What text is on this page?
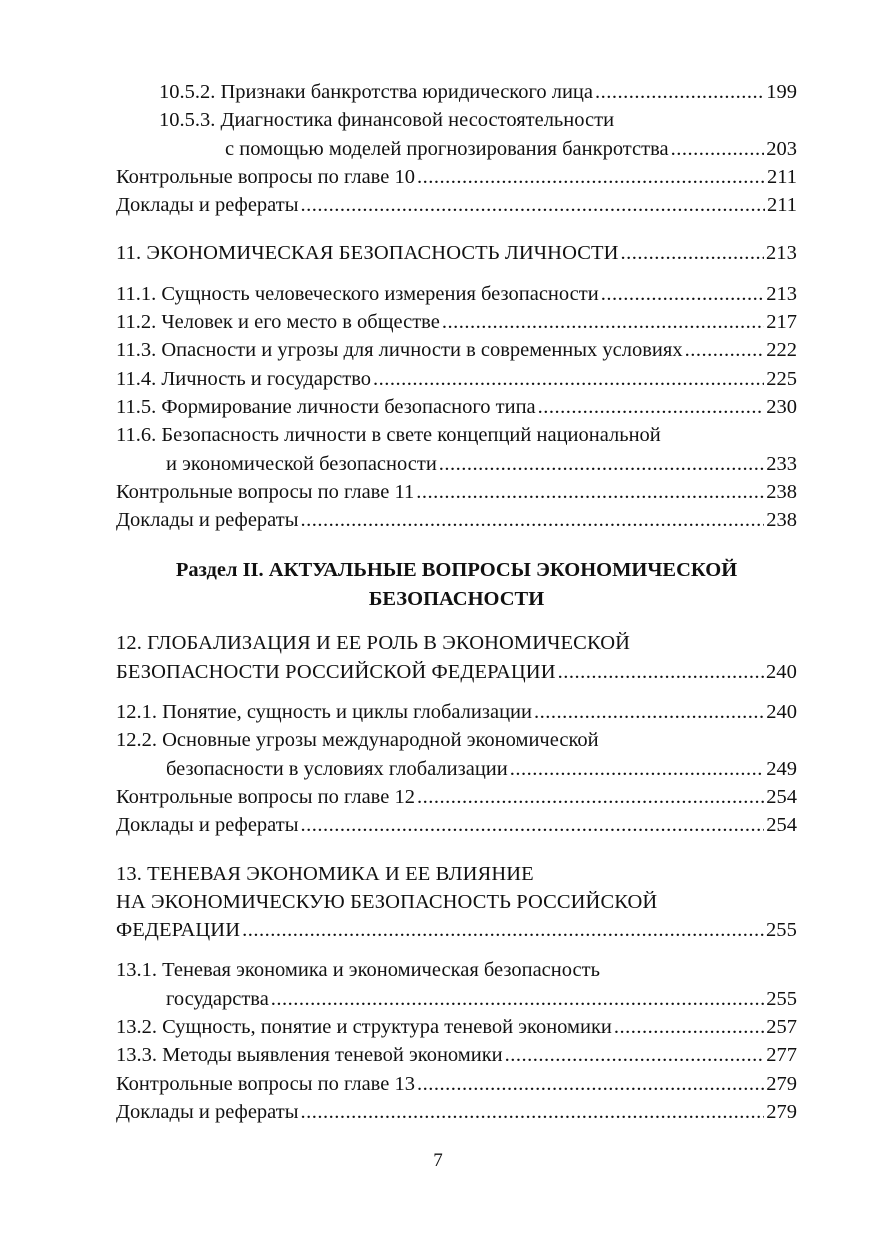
10.5.2. Признаки банкротства юридического лица .....	199
10.5.3. Диагностика финансовой несостоятельности
с помощью моделей прогнозирования банкротства .....	203
Контрольные вопросы по главе 10 .....	211
Доклады и рефераты .....	211
11. ЭКОНОМИЧЕСКАЯ БЕЗОПАСНОСТЬ ЛИЧНОСТИ .....	213
11.1. Сущность человеческого измерения безопасности .....	213
11.2. Человек и его место в обществе .....	217
11.3. Опасности и угрозы для личности в современных условиях .....	222
11.4. Личность и государство .....	225
11.5. Формирование личности безопасного типа .....	230
11.6. Безопасность личности в свете концепций национальной
и экономической безопасности .....	233
Контрольные вопросы по главе 11 .....	238
Доклады и рефераты .....	238
Раздел II. АКТУАЛЬНЫЕ ВОПРОСЫ ЭКОНОМИЧЕСКОЙ
БЕЗОПАСНОСТИ
12. ГЛОБАЛИЗАЦИЯ И ЕЕ РОЛЬ В ЭКОНОМИЧЕСКОЙ
БЕЗОПАСНОСТИ РОССИЙСКОЙ ФЕДЕРАЦИИ .....	240
12.1. Понятие, сущность и циклы глобализации .....	240
12.2. Основные угрозы международной экономической
безопасности в условиях глобализации .....	249
Контрольные вопросы по главе 12 .....	254
Доклады и рефераты .....	254
13. ТЕНЕВАЯ ЭКОНОМИКА И ЕЕ ВЛИЯНИЕ
НА ЭКОНОМИЧЕСКУЮ БЕЗОПАСНОСТЬ РОССИЙСКОЙ
ФЕДЕРАЦИИ .....	255
13.1. Теневая экономика и экономическая безопасность
государства .....	255
13.2. Сущность, понятие и структура теневой экономики .....	257
13.3. Методы выявления теневой экономики .....	277
Контрольные вопросы по главе 13 .....	279
Доклады и рефераты .....	279
7
